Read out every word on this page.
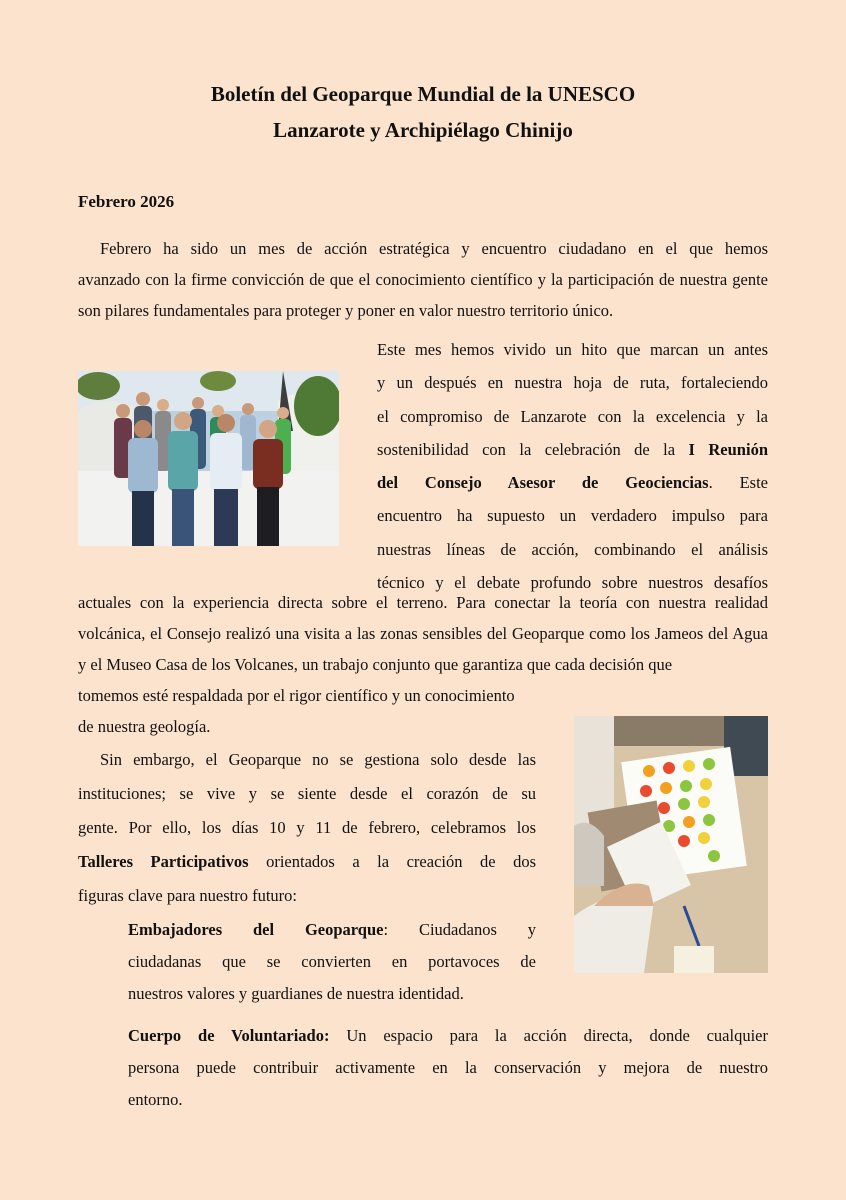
Boletín del Geoparque Mundial de la UNESCO
Lanzarote y Archipiélago Chinijo
Febrero 2026
Febrero ha sido un mes de acción estratégica y encuentro ciudadano en el que hemos
avanzado con la firme convicción de que el conocimiento científico y la participación de nuestra gente son pilares fundamentales para proteger y poner en valor nuestro territorio único.
Este mes hemos vivido un hito que marcan un antes
y un después en nuestra hoja de ruta, fortaleciendo
el compromiso de Lanzarote con la excelencia y la
sostenibilidad con la celebración de la I Reunión
del Consejo Asesor de Geociencias. Este
encuentro ha supuesto un verdadero impulso para
nuestras líneas de acción, combinando el análisis
técnico y el debate profundo sobre nuestros desafíos
actuales con la experiencia directa sobre el terreno. Para conectar la teoría con nuestra realidad volcánica, el Consejo realizó una visita a las zonas sensibles del Geoparque como los Jameos del Agua y el Museo Casa de los Volcanes, un trabajo conjunto que garantiza que cada decisión que
tomemos esté respaldada por el rigor científico y un conocimiento
de nuestra geología.
Sin embargo, el Geoparque no se gestiona solo desde las
instituciones; se vive y se siente desde el corazón de su
gente. Por ello, los días 10 y 11 de febrero, celebramos los
Talleres Participativos orientados a la creación de dos
figuras clave para nuestro futuro:
Embajadores del Geoparque: Ciudadanos y
ciudadanas que se convierten en portavoces de
nuestros valores y guardianes de nuestra identidad.
Cuerpo de Voluntariado: Un espacio para la acción directa, donde cualquier
persona puede contribuir activamente en la conservación y mejora de nuestro
entorno.
